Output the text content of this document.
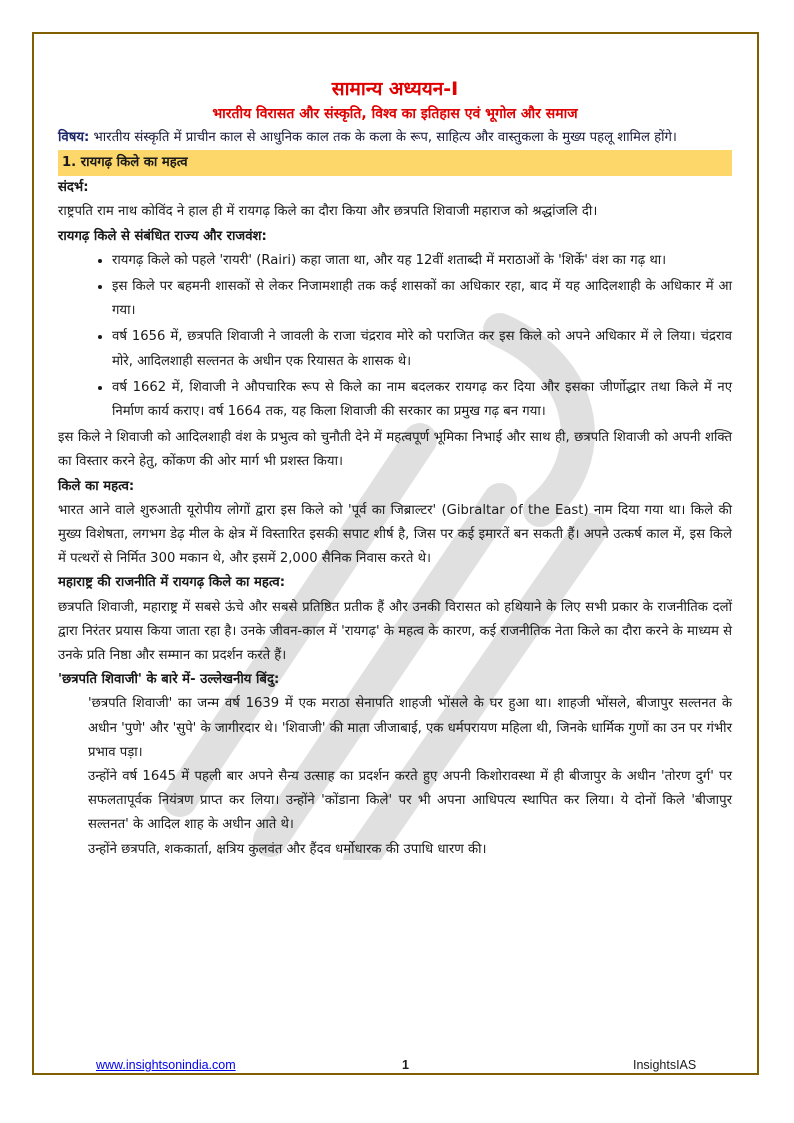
सामान्य अध्ययन-I
भारतीय विरासत और संस्कृति, विश्व का इतिहास एवं भूगोल और समाज

विषय: भारतीय संस्कृति में प्राचीन काल से आधुनिक काल तक के कला के रूप, साहित्य और वास्तुकला के मुख्य पहलू शामिल होंगे।

1. रायगढ़ किले का महत्व

संदर्भ:

राष्ट्रपति राम नाथ कोविंद ने हाल ही में रायगढ़ किले का दौरा किया और छत्रपति शिवाजी महाराज को श्रद्धांजलि दी।

रायगढ़ किले से संबंधित राज्य और राजवंश:

• रायगढ़ किले को पहले 'रायरी' (Rairi) कहा जाता था, और यह 12वीं शताब्दी में मराठाओं के 'शिर्के' वंश का गढ़ था।
• इस किले पर बहमनी शासकों से लेकर निजामशाही तक कई शासकों का अधिकार रहा, बाद में यह आदिलशाही के अधिकार में आ गया।
• वर्ष 1656 में, छत्रपति शिवाजी ने जावली के राजा चंद्रराव मोरे को पराजित कर इस किले को अपने अधिकार में ले लिया। चंद्रराव मोरे, आदिलशाही सल्तनत के अधीन एक रियासत के शासक थे।
• वर्ष 1662 में, शिवाजी ने औपचारिक रूप से किले का नाम बदलकर रायगढ़ कर दिया और इसका जीर्णोद्धार तथा किले में नए निर्माण कार्य कराए। वर्ष 1664 तक, यह किला शिवाजी की सरकार का प्रमुख गढ़ बन गया।

इस किले ने शिवाजी को आदिलशाही वंश के प्रभुत्व को चुनौती देने में महत्वपूर्ण भूमिका निभाई और साथ ही, छत्रपति शिवाजी को अपनी शक्ति का विस्तार करने हेतु, कोंकण की ओर मार्ग भी प्रशस्त किया।

किले का महत्व:

भारत आने वाले शुरुआती यूरोपीय लोगों द्वारा इस किले को 'पूर्व का जिब्राल्टर' (Gibraltar of the East) नाम दिया गया था। किले की मुख्य विशेषता, लगभग डेढ़ मील के क्षेत्र में विस्तारित इसकी सपाट शीर्ष है, जिस पर कई इमारतें बन सकती हैं। अपने उत्कर्ष काल में, इस किले में पत्थरों से निर्मित 300 मकान थे, और इसमें 2,000 सैनिक निवास करते थे।

महाराष्ट्र की राजनीति में रायगढ़ किले का महत्व:

छत्रपति शिवाजी, महाराष्ट्र में सबसे ऊंचे और सबसे प्रतिष्ठित प्रतीक हैं और उनकी विरासत को हथियाने के लिए सभी प्रकार के राजनीतिक दलों द्वारा निरंतर प्रयास किया जाता रहा है। उनके जीवन-काल में 'रायगढ़' के महत्व के कारण, कई राजनीतिक नेता किले का दौरा करने के माध्यम से उनके प्रति निष्ठा और सम्मान का प्रदर्शन करते हैं।

'छत्रपति शिवाजी' के बारे में- उल्लेखनीय बिंदु:

'छत्रपति शिवाजी' का जन्म वर्ष 1639 में एक मराठा सेनापति शाहजी भोंसले के घर हुआ था। शाहजी भोंसले, बीजापुर सल्तनत के अधीन 'पुणे' और 'सुपे' के जागीरदार थे। 'शिवाजी' की माता जीजाबाई, एक धर्मपरायण महिला थी, जिनके धार्मिक गुणों का उन पर गंभीर प्रभाव पड़ा।

उन्होंने वर्ष 1645 में पहली बार अपने सैन्य उत्साह का प्रदर्शन करते हुए अपनी किशोरावस्था में ही बीजापुर के अधीन 'तोरण दुर्ग' पर सफलतापूर्वक नियंत्रण प्राप्त कर लिया। उन्होंने 'कोंडाना किले' पर भी अपना आधिपत्य स्थापित कर लिया। ये दोनों किले 'बीजापुर सल्तनत' के आदिल शाह के अधीन आते थे।

उन्होंने छत्रपति, शककार्ता, क्षत्रिय कुलवंत और हैंदव धर्मोधारक की उपाधि धारण की।

www.insightsonindia.com	1	InsightsIAS
